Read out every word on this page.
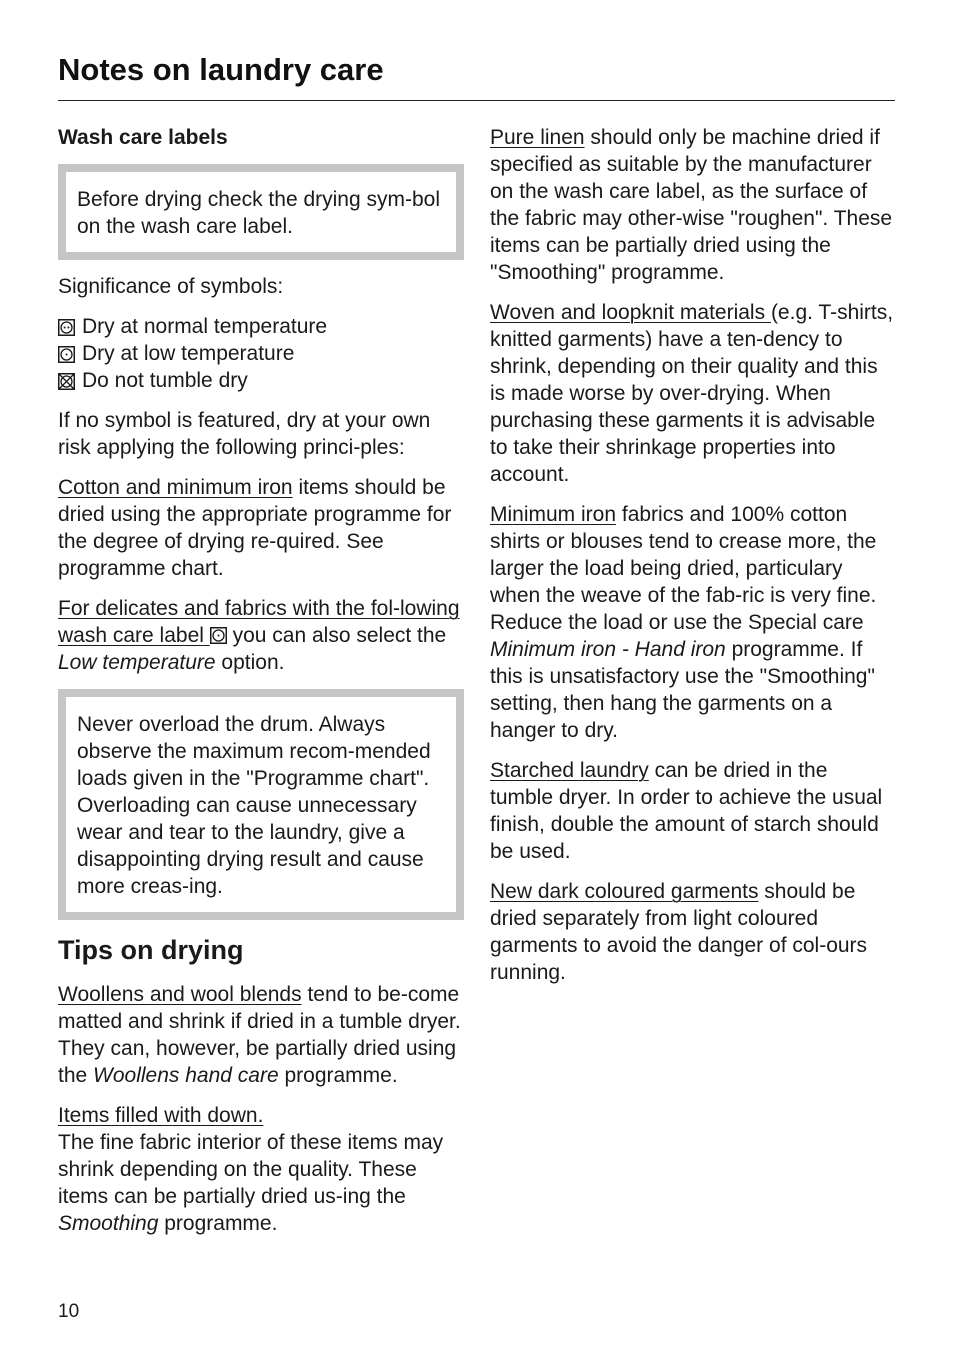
Notes on laundry care
Wash care labels

Before drying check the drying sym-bol on the wash care label.

Significance of symbols:

Dry at normal temperature
Dry at low temperature
Do not tumble dry

If no symbol is featured, dry at your own risk applying the following princi-ples:

Cotton and minimum iron items should be dried using the appropriate programme for the degree of drying re-quired. See programme chart.

For delicates and fabrics with the fol-lowing wash care label  you can also select the Low temperature option.

Never overload the drum. Always observe the maximum recom-mended loads given in the "Programme chart". Overloading can cause unnecessary wear and tear to the laundry, give a disappointing drying result and cause more creas-ing.

Tips on drying

Woollens and wool blends tend to be-come matted and shrink if dried in a tumble dryer. They can, however, be partially dried using the Woollens hand care programme.

Items filled with down.
The fine fabric interior of these items may shrink depending on the quality. These items can be partially dried us-ing the Smoothing programme.

Pure linen should only be machine dried if specified as suitable by the manufacturer on the wash care label, as the surface of the fabric may other-wise "roughen". These items can be partially dried using the "Smoothing" programme.

Woven and loopknit materials (e.g. T-shirts, knitted garments) have a ten-dency to shrink, depending on their quality and this is made worse by over-drying. When purchasing these garments it is advisable to take their shrinkage properties into account.

Minimum iron fabrics and 100% cotton shirts or blouses tend to crease more, the larger the load being dried, particulary when the weave of the fab-ric is very fine. Reduce the load or use the Special care Minimum iron - Hand iron programme. If this is unsatisfactory use the "Smoothing" setting, then hang the garments on a hanger to dry.

Starched laundry can be dried in the tumble dryer. In order to achieve the usual finish, double the amount of starch should be used.

New dark coloured garments should be dried separately from light coloured garments to avoid the danger of col-ours running.

10
